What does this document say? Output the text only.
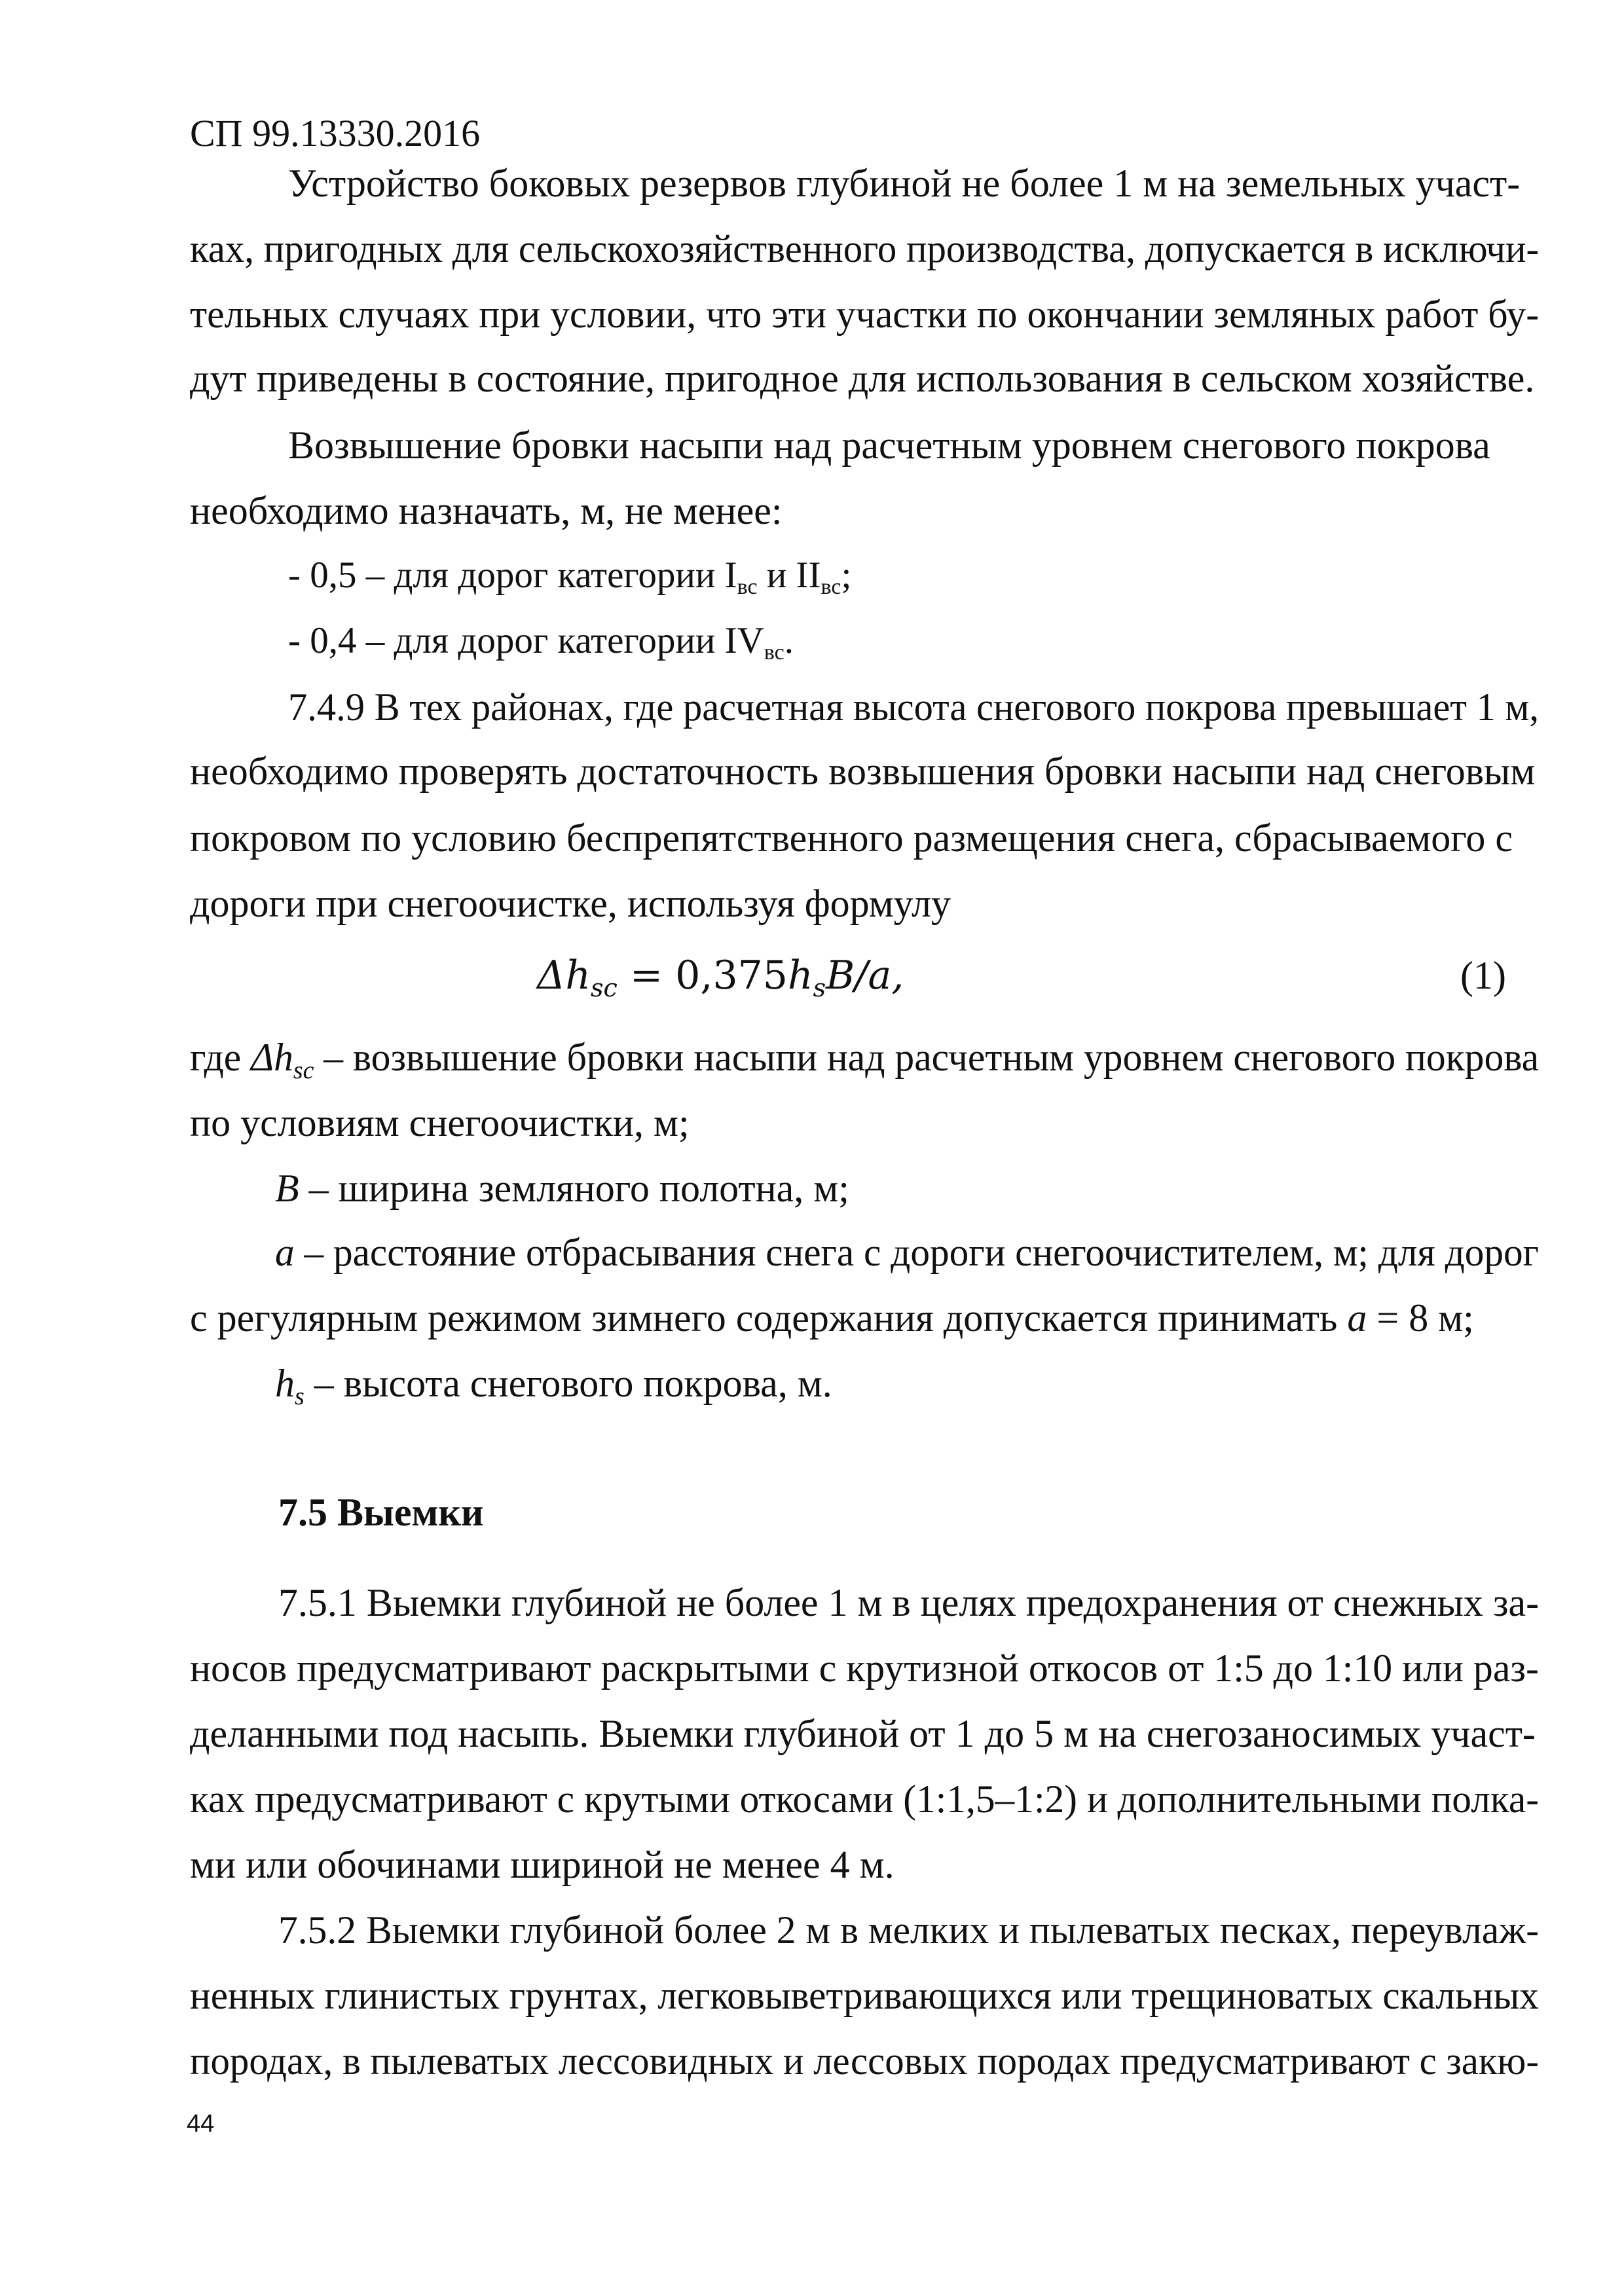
СП 99.13330.2016
Устройство боковых резервов глубиной не более 1 м на земельных участ-
ках, пригодных для сельскохозяйственного производства, допускается в исключи-
тельных случаях при условии, что эти участки по окончании земляных работ бу-
дут приведены в состояние, пригодное для использования в сельском хозяйстве.
Возвышение бровки насыпи над расчетным уровнем снегового покрова
необходимо назначать, м, не менее:
- 0,5 – для дорог категории Iвс и IIвс;
- 0,4 – для дорог категории IVвс.
7.4.9 В тех районах, где расчетная высота снегового покрова превышает 1 м,
необходимо проверять достаточность возвышения бровки насыпи над снеговым
покровом по условию беспрепятственного размещения снега, сбрасываемого с
дороги при снегоочистке, используя формулу
$\Delta h_{sc} = 0,375h_sB/a$,	(1)
где $\Delta h_{sc}$ – возвышение бровки насыпи над расчетным уровнем снегового покрова
по условиям снегоочистки, м;
B – ширина земляного полотна, м;
a – расстояние отбрасывания снега с дороги снегоочистителем, м; для дорог
с регулярным режимом зимнего содержания допускается принимать a = 8 м;
$h_s$ – высота снегового покрова, м.
7.5 Выемки
7.5.1 Выемки глубиной не более 1 м в целях предохранения от снежных за-
носов предусматривают раскрытыми с крутизной откосов от 1:5 до 1:10 или раз-
деланными под насыпь. Выемки глубиной от 1 до 5 м на снегозаносимых участ-
ках предусматривают с крутыми откосами (1:1,5–1:2) и дополнительными полка-
ми или обочинами шириной не менее 4 м.
7.5.2 Выемки глубиной более 2 м в мелких и пылеватых песках, переувлаж-
ненных глинистых грунтах, легковыветривающихся или трещиноватых скальных
породах, в пылеватых лессовидных и лессовых породах предусматривают с закю-
44
